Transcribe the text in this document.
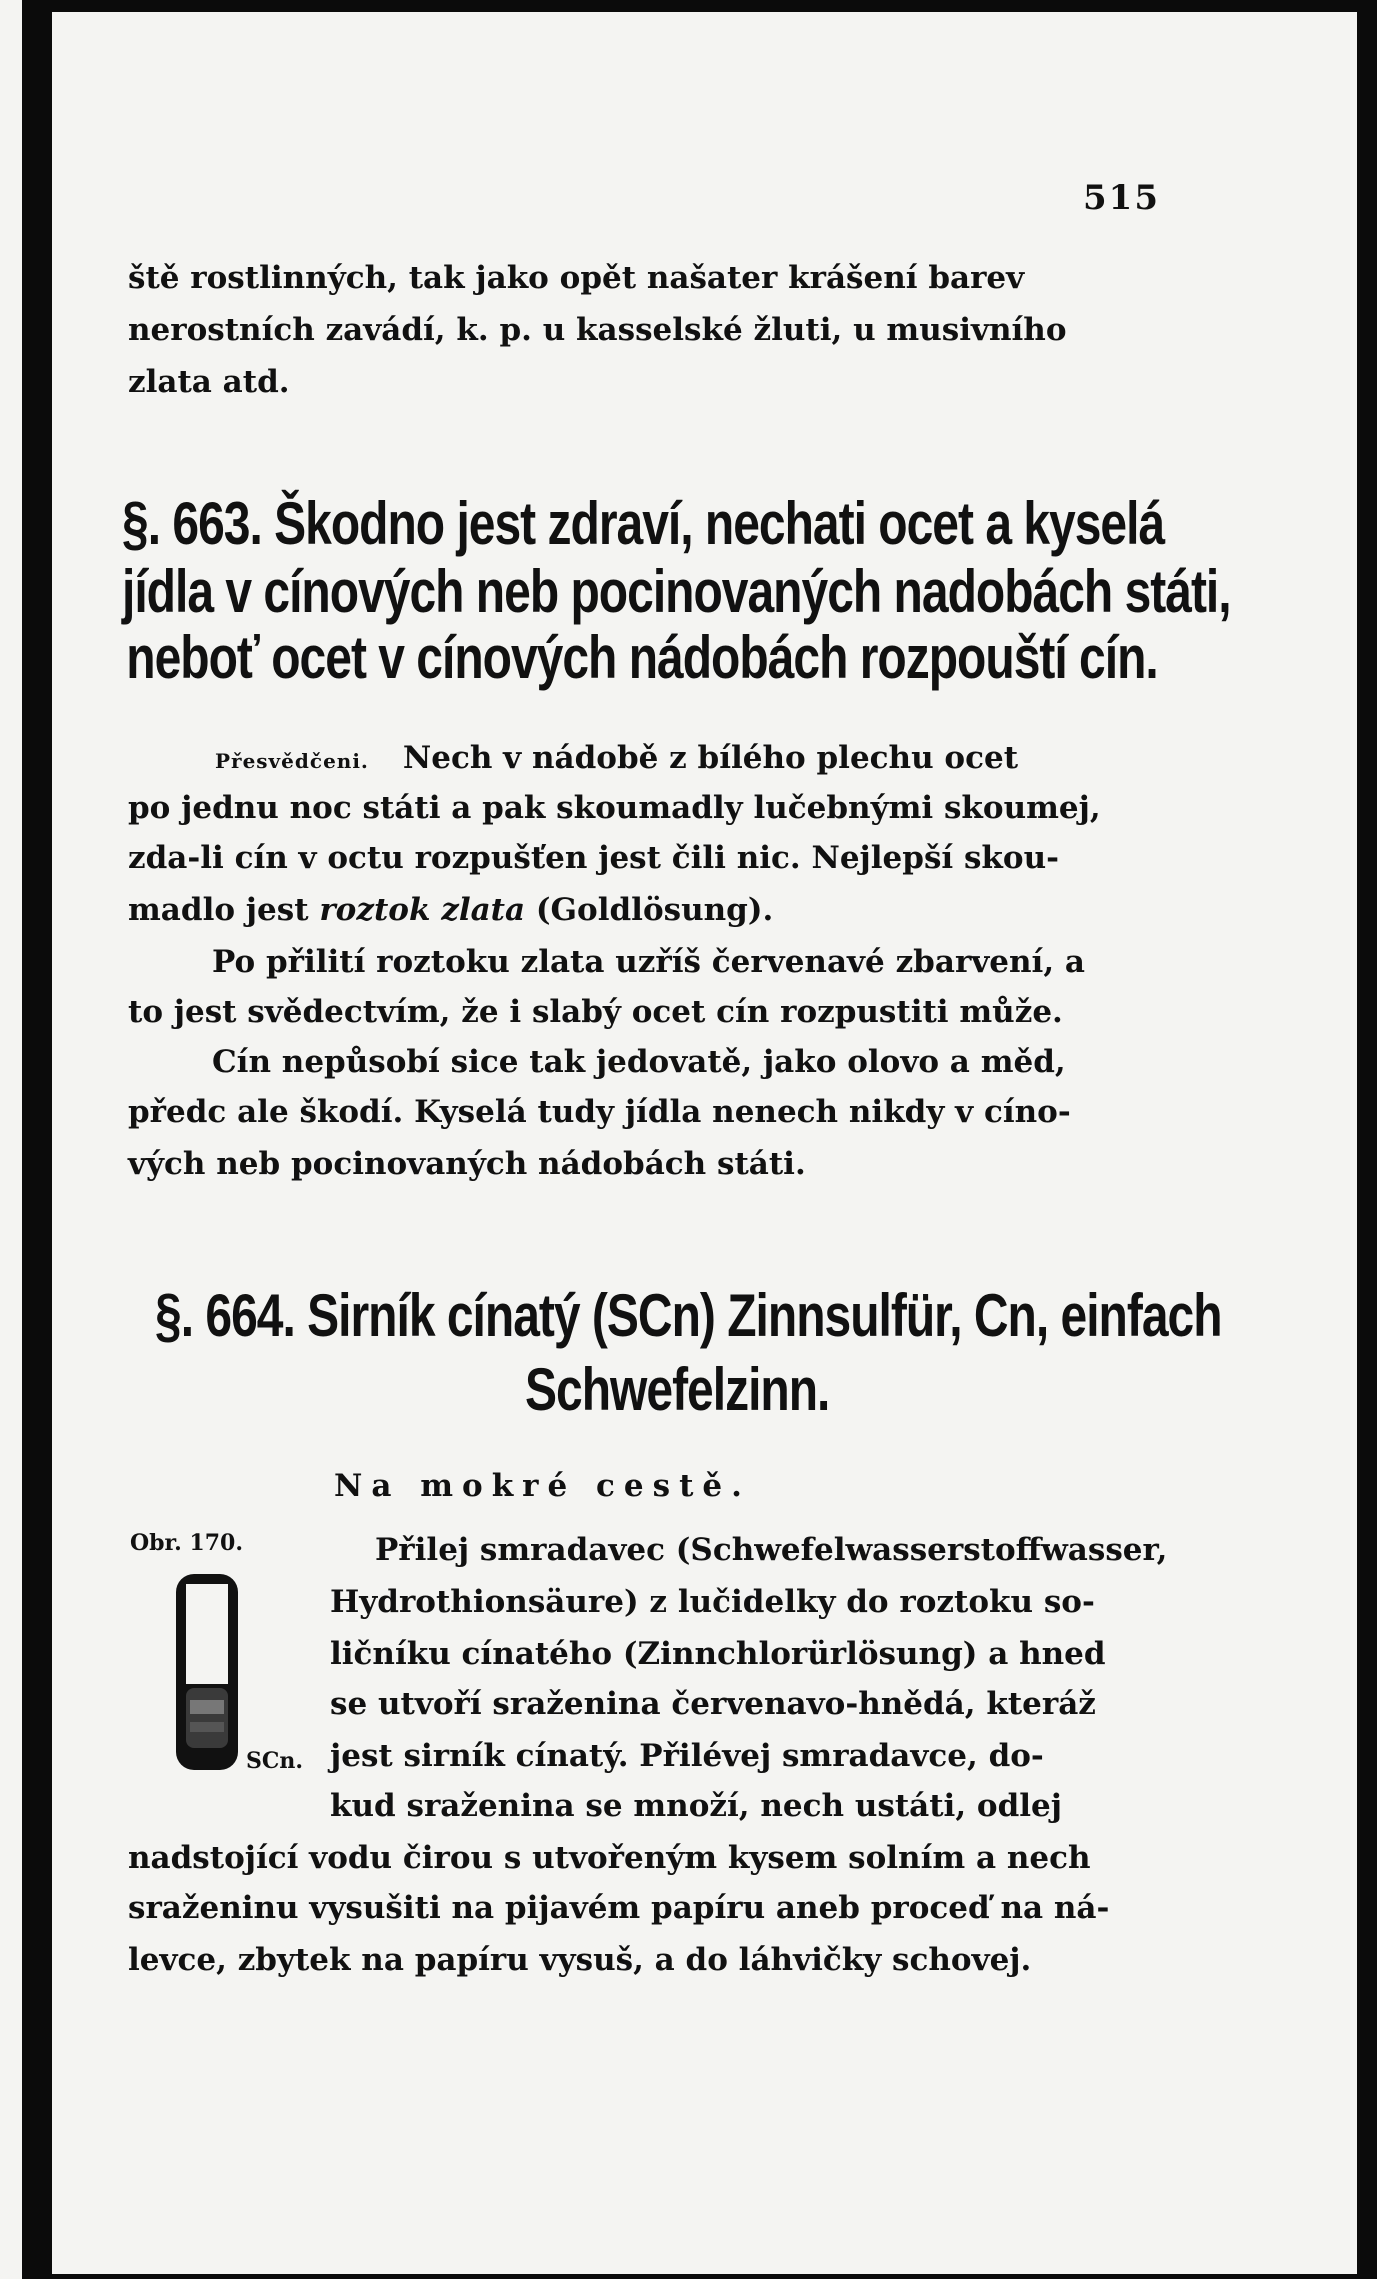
515
ště rostlinných, tak jako opět našater krášení barev
nerostních zavádí, k. p. u kasselské žluti, u musivního
zlata atd.
§. 663. Škodno jest zdraví, nechati ocet a kyselá
jídla v cínových neb pocinovaných nadobách státi,
neboť ocet v cínových nádobách rozpouští cín.
Přesvědčeni. Nech v nádobě z bílého plechu ocet
po jednu noc státi a pak skoumadly lučebnými skoumej,
zda-li cín v octu rozpušťen jest čili nic. Nejlepší skou-
madlo jest roztok zlata (Goldlösung).
Po přilití roztoku zlata uzříš červenavé zbarvení, a
to jest svědectvím, že i slabý ocet cín rozpustiti může.
Cín nepůsobí sice tak jedovatě, jako olovo a měd,
předc ale škodí. Kyselá tudy jídla nenech nikdy v cíno-
vých neb pocinovaných nádobách státi.
§. 664. Sirník cínatý (SCn) Zinnsulfür, Cn, einfach
Schwefelzinn.
Na mokré cestě.
Obr. 170.
SCn.
Přilej smradavec (Schwefelwasserstoffwasser,
Hydrothionsäure) z lučidelky do roztoku so-
ličníku cínatého (Zinnchlorürlösung) a hned
se utvoří sraženina červenavo-hnědá, kteráž
jest sirník cínatý. Přilévej smradavce, do-
kud sraženina se množí, nech ustáti, odlej
nadstojící vodu čirou s utvořeným kysem solním a nech
sraženinu vysušiti na pijavém papíru aneb proceď na ná-
levce, zbytek na papíru vysuš, a do láhvičky schovej.
